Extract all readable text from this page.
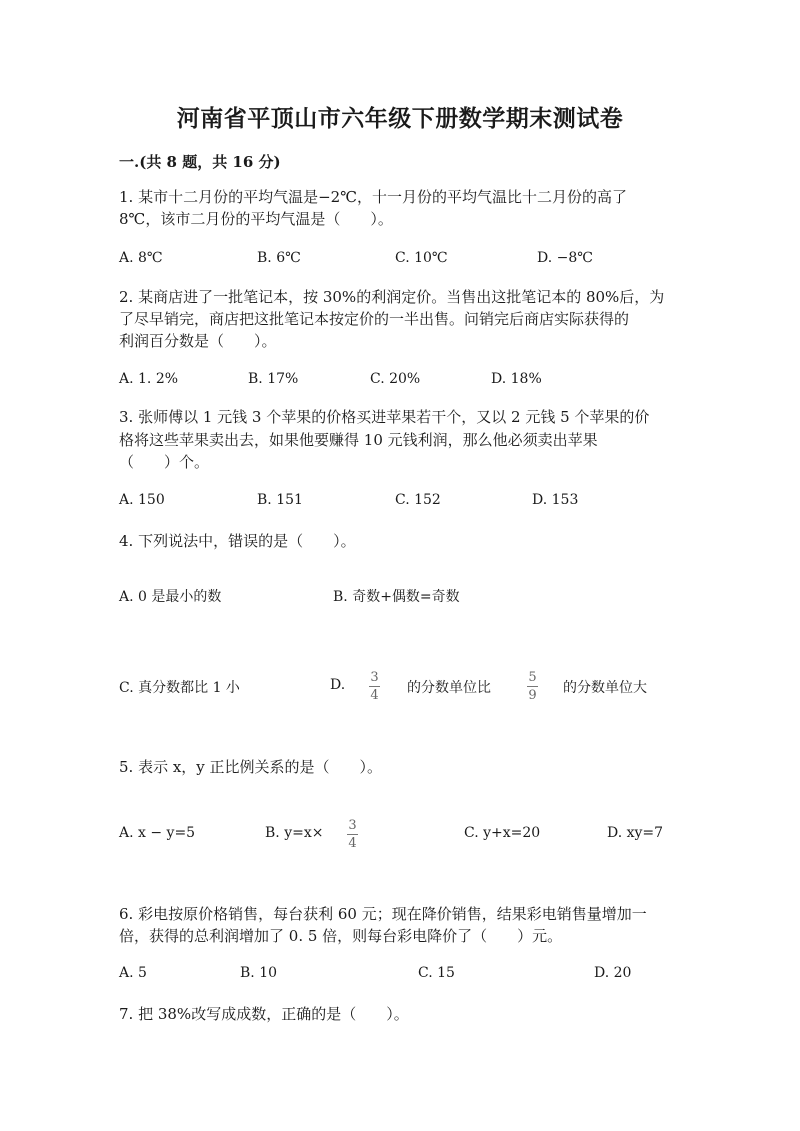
河南省平顶山市六年级下册数学期末测试卷
一.(共 8 题，共 16 分)
1. 某市十二月份的平均气温是−2℃，十一月份的平均气温比十二月份的高了
8℃，该市二月份的平均气温是（　　）。
A. 8℃	B. 6℃	C. 10℃	D. −8℃
2. 某商店进了一批笔记本，按 30%的利润定价。当售出这批笔记本的 80%后，为
了尽早销完，商店把这批笔记本按定价的一半出售。问销完后商店实际获得的
利润百分数是（　　）。
A. 1. 2%	B. 17%	C. 20%	D. 18%
3. 张师傅以 1 元钱 3 个苹果的价格买进苹果若干个，又以 2 元钱 5 个苹果的价
格将这些苹果卖出去，如果他要赚得 10 元钱利润，那么他必须卖出苹果
（　　）个。
A. 150	B. 151	C. 152	D. 153
4. 下列说法中，错误的是（　　）。
A. 0 是最小的数	B. 奇数+偶数=奇数
C. 真分数都比 1 小	D. 3
4 的分数单位比
5
9 的分数单位大
5. 表示 x，y 正比例关系的是（　　）。
A. x − y=5	B. y=x× 3
4
C. y+x=20	D. xy=7
6. 彩电按原价格销售，每台获利 60 元；现在降价销售，结果彩电销售量增加一
倍，获得的总利润增加了 0. 5 倍，则每台彩电降价了（　　）元。
A. 5	B. 10	C. 15	D. 20
7. 把 38%改写成成数，正确的是（　　）。
